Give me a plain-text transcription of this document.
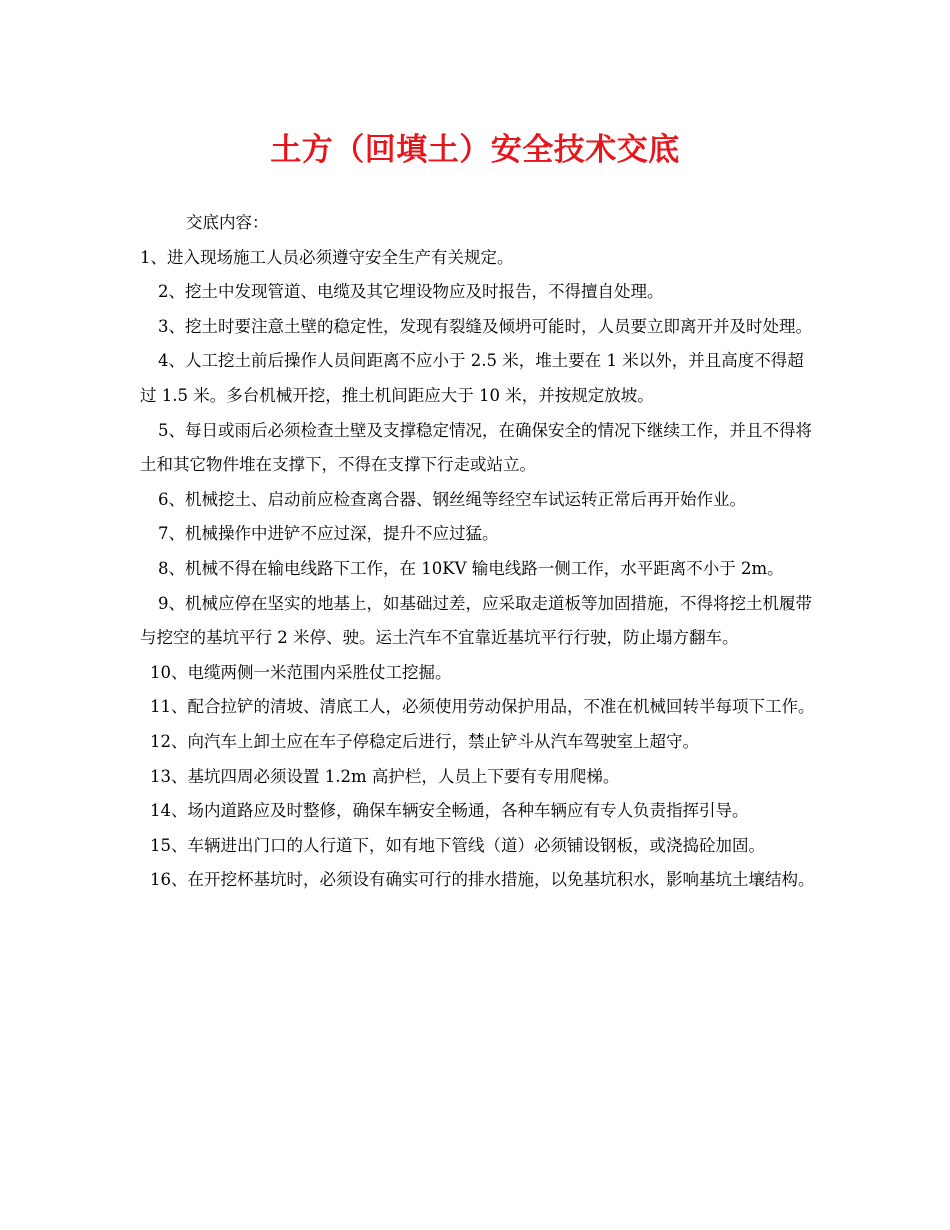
土方（回填土）安全技术交底

交底内容：

1、进入现场施工人员必须遵守安全生产有关规定。

2、挖土中发现管道、电缆及其它埋设物应及时报告，不得擅自处理。

3、挖土时要注意土壁的稳定性，发现有裂缝及倾坍可能时，人员要立即离开并及时处理。

4、人工挖土前后操作人员间距离不应小于 2.5 米，堆土要在 1 米以外，并且高度不得超过 1.5 米。多台机械开挖，推土机间距应大于 10 米，并按规定放坡。

5、每日或雨后必须检查土壁及支撑稳定情况，在确保安全的情况下继续工作，并且不得将土和其它物件堆在支撑下，不得在支撑下行走或站立。

6、机械挖土、启动前应检查离合器、钢丝绳等经空车试运转正常后再开始作业。

7、机械操作中进铲不应过深，提升不应过猛。

8、机械不得在输电线路下工作，在 10KV 输电线路一侧工作，水平距离不小于 2m。

9、机械应停在坚实的地基上，如基础过差，应采取走道板等加固措施，不得将挖土机履带与挖空的基坑平行 2 米停、驶。运土汽车不宜靠近基坑平行行驶，防止塌方翻车。

10、电缆两侧一米范围内采胜仗工挖掘。

11、配合拉铲的清坡、清底工人，必须使用劳动保护用品，不准在机械回转半每项下工作。

12、向汽车上卸土应在车子停稳定后进行，禁止铲斗从汽车驾驶室上超守。

13、基坑四周必须设置 1.2m 高护栏，人员上下要有专用爬梯。

14、场内道路应及时整修，确保车辆安全畅通，各种车辆应有专人负责指挥引导。

15、车辆进出门口的人行道下，如有地下管线（道）必须铺设钢板，或浇捣砼加固。

16、在开挖杯基坑时，必须设有确实可行的排水措施，以免基坑积水，影响基坑土壤结构。
